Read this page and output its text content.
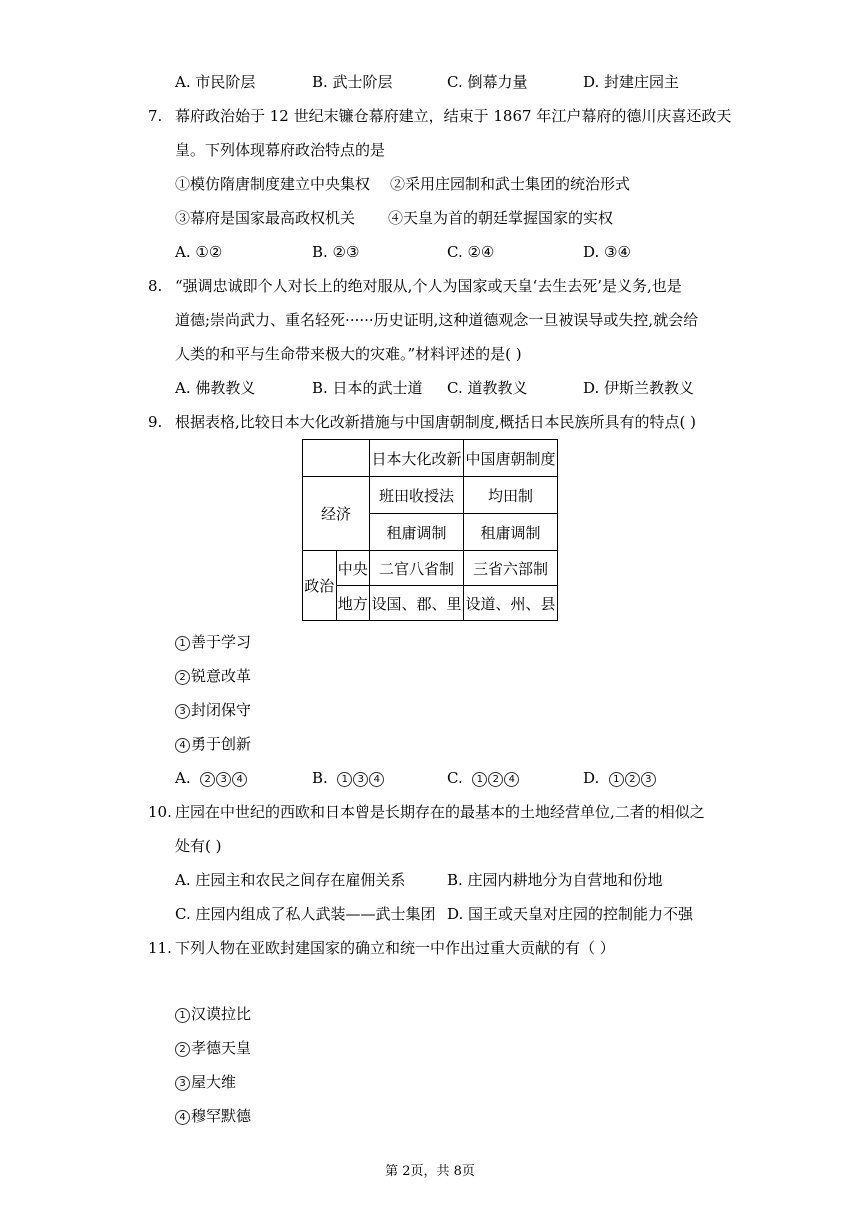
A. 市民阶层	B. 武士阶层	C. 倒幕力量	D. 封建庄园主
7. 幕府政治始于 12 世纪末镰仓幕府建立，结束于 1867 年江户幕府的德川庆喜还政天
皇。下列体现幕府政治特点的是
①模仿隋唐制度建立中央集权 ②采用庄园制和武士集团的统治形式
③幕府是国家最高政权机关 ④天皇为首的朝廷掌握国家的实权
A. ①②	B. ②③	C. ②④	D. ③④
8. “强调忠诚即个人对长上的绝对服从,个人为国家或天皇‘去生去死’是义务,也是
道德;崇尚武力、重名轻死······历史证明,这种道德观念一旦被误导或失控,就会给
人类的和平与生命带来极大的灾难。”材料评述的是( )
A. 佛教教义	B. 日本的武士道 C. 道教教义	D. 伊斯兰教教义
9. 根据表格,比较日本大化改新措施与中国唐朝制度,概括日本民族所具有的特点( )
		日本大化改新	中国唐朝制度
经济		班田收授法	均田制
		租庸调制	租庸调制
政治	中央	二官八省制	三省六部制
	地方	设国、郡、里	设道、州、县
1 善于学习
2 锐意改革
3 封闭保守
4 勇于创新
A. 2 3 4	B. 1 3 4	C. 1 2 4	D. 1 2 3
10. 庄园在中世纪的西欧和日本曾是长期存在的最基本的土地经营单位,二者的相似之
处有( )
A. 庄园主和农民之间存在雇佣关系	B. 庄园内耕地分为自营地和份地
C. 庄园内组成了私人武装——武士集团 D. 国王或天皇对庄园的控制能力不强
11. 下列人物在亚欧封建国家的确立和统一中作出过重大贡献的有（ ）
1 汉谟拉比
2 孝德天皇
3 屋大维
4 穆罕默德
第 2页，共 8页
